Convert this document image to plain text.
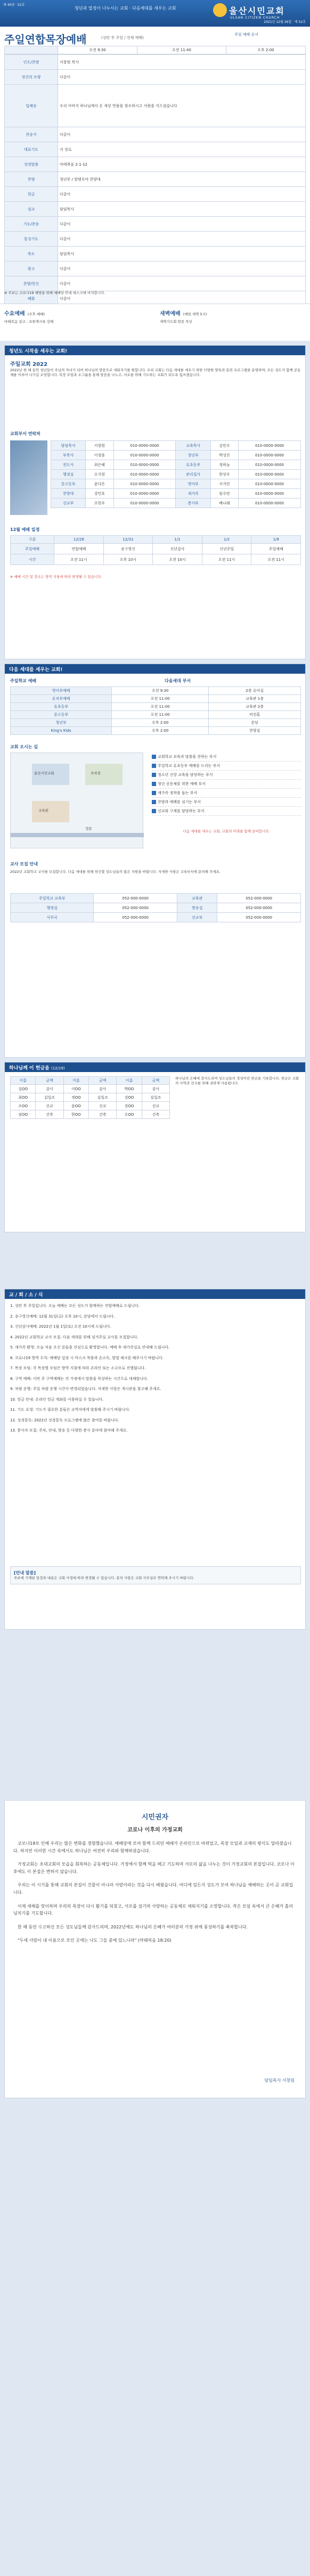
제 40권 · 52호
청년과 열정이 나누시는 교회 · 다음세대를 세우는 교회	울산시민교회
ULSAN CITIZEN CHURCH
2021년 12월 26일 · 제 52호
주일연합목장예배	(성탄 후 주일 / 전체 예배)
주일 예배 순서
	오전 9:30	오전 11:40	오후 2:00
인도/찬양	서창원 목사
경건의 모양	다같이
입례송	우리 아버지 하나님께서 온 세상 만물을 창조하시고 사람을 지으셨습니다
찬송가	다같이
대표기도	서 장로
성경말씀	마태복음 2:1-12
찬양	청년부 / 할렐루야 찬양대
헌금	다같이
설교	담임목사
기도/찬송	다같이
통성기도	다같이
축도	담임목사
광고	다같이
찬양/헌신	다같이
폐회	다같이
※ 주보는 코로나19 예방을 위해 예배당 안내 데스크에 비치합니다.
수요예배 (오후 예배)
마태복음 설교 - 요한계시록 강해
새벽예배 (매일 새벽 5시)
새벽기도회 말씀 묵상
청년도 시작을 세우는 교회!
주일교회 2022
2022년 한 해 동안 청년들이 주님의 자녀가 되어 하나님의 말씀으로 세워지기를 원합니다. 우리 교회는 다음 세대를 세우기 위한 다양한 양육과 훈련 프로그램을 운영하며, 모든 성도가 함께 공동체를 이루어 나가길 소망합니다. 목장 모임과 소그룹을 통해 말씀을 나누고, 서로를 위해 기도하는 교회가 되도록 힘쓰겠습니다.
교회부서 연락처
담임목사	서창원	010-0000-0000	교육목사	김민수	010-0000-0000
부목사	이정훈	010-0000-0000	청년부	박성진	010-0000-0000
전도사	최은혜	010-0000-0000	유초등부	정하늘	010-0000-0000
행정실	오지현	010-0000-0000	관리집사	한상우	010-0000-0000
중고등부	윤다은	010-0000-0000	영아부	서지민	010-0000-0000
찬양대	강민호	010-0000-0000	새가족	임수빈	010-0000-0000
선교부	조현우	010-0000-0000	봉사부	배나래	010-0000-0000
12월 예배 일정
구분	12/26	12/31	1/1	1/2	1/9
주일예배	연합예배	송구영신	신년감사	신년주일	주일예배
시간	오전 11시	오후 10시	오전 10시	오전 11시	오전 11시
※ 예배 시간 및 장소는 방역 지침에 따라 변경될 수 있습니다.
다음 세대를 세우는 교회!
주일학교 예배	다음세대 부서
영아부예배	오전 9:30	2층 유아실
유치부예배	오전 11:00	교육관 1층
유초등부	오전 11:00	교육관 2층
중고등부	오전 11:00	비전홀
청년부	오후 2:00	본당
King's Kids	오후 2:00	찬양실
교회 오시는 길
울산시민교회	주차장
교육관
정문
교회학교 보육과 말씀을 전하는 부서
주일학교 유초등부 예배를 드리는 부서
청소년 신앙 교육을 담당하는 부서
청년 공동체를 위한 예배 부서
새가족 정착을 돕는 부서
찬양과 예배를 섬기는 부서
선교와 구제를 담당하는 부서
다음 세대를 세우는 교회, 교회의 미래를 함께 준비합니다.
교사 모집 안내
2022년 교회학교 교사를 모집합니다. 다음 세대를 위해 헌신할 성도님들의 많은 지원을 바랍니다. 자세한 사항은 교육부서에 문의해 주세요.
주일학교 교육부	052-000-0000	교육관	052-000-0000
행정실	052-000-0000	방송실	052-000-0000
사무국	052-000-0000	선교부	052-000-0000
하나님께 이 헌금을 (12/19)
이름	금액	이름	금액	이름	금액
김OO	감사	이OO	감사	박OO	감사
최OO	십일조	정OO	십일조	강OO	십일조
조OO	선교	윤OO	선교	장OO	선교
임OO	건축	한OO	건축	오OO	건축
하나님의 은혜에 감사드리며 성도님들의 정성어린 헌금을 기록합니다. 헌금은 교회의 사역과 선교를 위해 귀하게 사용됩니다.
교 / 회 / 소 / 식
1. 성탄 후 주일입니다. 오늘 예배는 모든 성도가 함께하는 연합예배로 드립니다.
2. 송구영신예배: 12월 31일(금) 오후 10시, 본당에서 드립니다.
3. 신년감사예배: 2022년 1월 1일(토) 오전 10시에 드립니다.
4. 2022년 교회학교 교사 모집: 다음 세대를 위해 섬겨주실 교사를 모집합니다.
5. 새가족 환영: 오늘 처음 오신 분들을 진심으로 환영합니다. 예배 후 새가족실로 안내해 드립니다.
6. 코로나19 방역 수칙: 예배당 입장 시 마스크 착용과 손소독, 발열 체크를 해주시기 바랍니다.
7. 목장 모임: 각 목장별 모임은 방역 지침에 따라 온라인 또는 소규모로 진행됩니다.
8. 구역 예배: 이번 주 구역예배는 각 가정에서 말씀을 묵상하는 시간으로 대체합니다.
9. 차량 운행: 주일 차량 운행 시간이 변경되었습니다. 자세한 사항은 게시판을 참고해 주세요.
10. 헌금 안내: 온라인 헌금 계좌를 이용하실 수 있습니다.
11. 기도 요청: 기도가 필요한 분들은 교역자에게 말씀해 주시기 바랍니다.
12. 성경통독: 2022년 성경통독 프로그램에 많은 참여를 바랍니다.
13. 봉사자 모집: 주차, 안내, 방송 등 다양한 봉사 분야에 참여해 주세요.
[안내 말씀]
주보에 기재된 일정과 내용은 교회 사정에 따라 변경될 수 있습니다. 문의 사항은 교회 사무실로 연락해 주시기 바랍니다.
시민권자
코로나 이후의 가정교회

코로나19로 인해 우리는 많은 변화를 경험했습니다. 예배당에 모여 함께 드리던 예배가 온라인으로 바뀌었고, 목장 모임과 교제의 방식도 달라졌습니다. 하지만 이러한 시간 속에서도 하나님은 여전히 우리와 함께하셨습니다.

가정교회는 초대교회의 모습을 회복하는 공동체입니다. 가정에서 함께 떡을 떼고 기도하며 서로의 삶을 나누는 것이 가정교회의 본질입니다. 코로나 이후에도 이 본질은 변하지 않습니다.

우리는 이 시기를 통해 교회의 본질이 건물이 아니라 사람이라는 것을 다시 배웠습니다. 어디에 있든지 성도가 모여 하나님을 예배하는 곳이 곧 교회입니다.

이제 새해를 맞이하며 우리의 목장이 다시 활기를 되찾고, 서로를 섬기며 사랑하는 공동체로 세워지기를 소망합니다. 작은 모임 속에서 큰 은혜가 흘러넘치기를 기도합니다.

한 해 동안 수고하신 모든 성도님들께 감사드리며, 2022년에도 하나님의 은혜가 여러분의 가정 위에 풍성하기를 축복합니다.

"두세 사람이 내 이름으로 모인 곳에는 나도 그들 중에 있느니라" (마태복음 18:20)

담임목사 서창원
